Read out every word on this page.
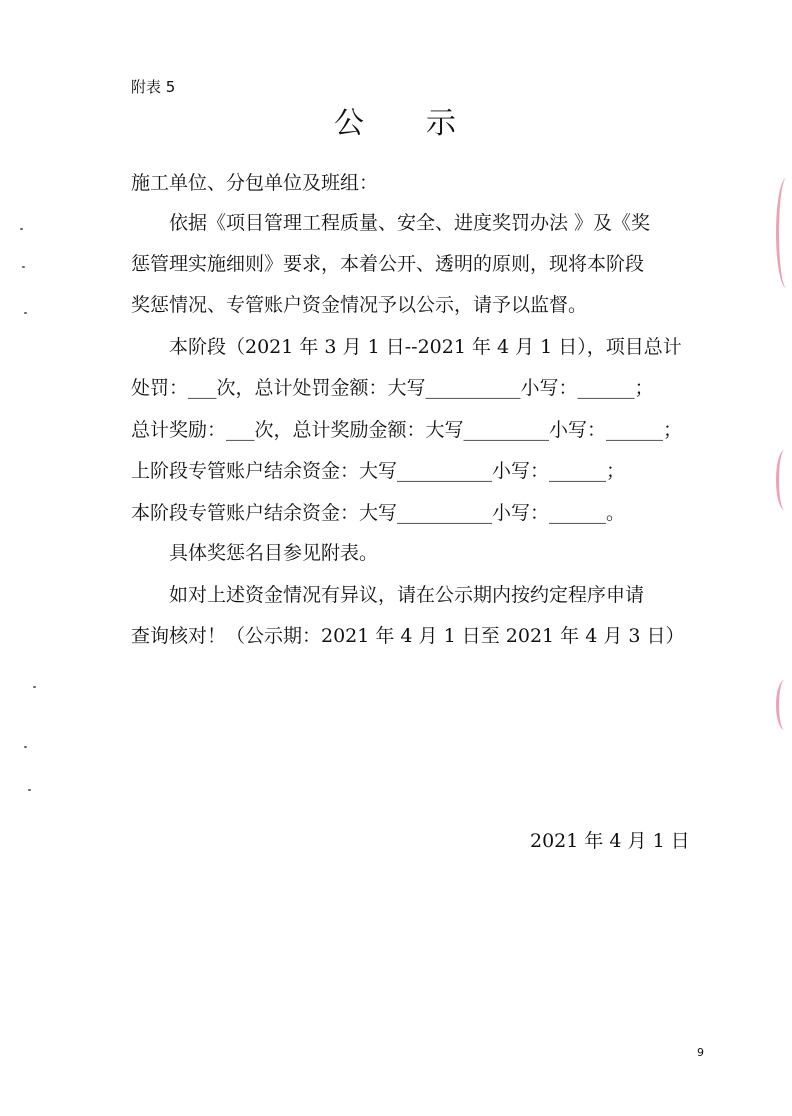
附表 5
公示
施工单位、分包单位及班组：
　　依据《项目管理工程质量、安全、进度奖罚办法 》及《奖
惩管理实施细则》要求，本着公开、透明的原则，现将本阶段
奖惩情况、专管账户资金情况予以公示，请予以监督。
　　本阶段（2021 年 3 月 1 日--2021 年 4 月 1 日），项目总计
处罚：___次，总计处罚金额：大写__________小写：______；
总计奖励：___次，总计奖励金额：大写_________小写：______；
上阶段专管账户结余资金：大写__________小写：______；
本阶段专管账户结余资金：大写__________小写：______。
　　具体奖惩名目参见附表。
　　如对上述资金情况有异议，请在公示期内按约定程序申请
查询核对！（公示期：2021 年 4 月 1 日至 2021 年 4 月 3 日）
2021 年 4 月 1 日
9
